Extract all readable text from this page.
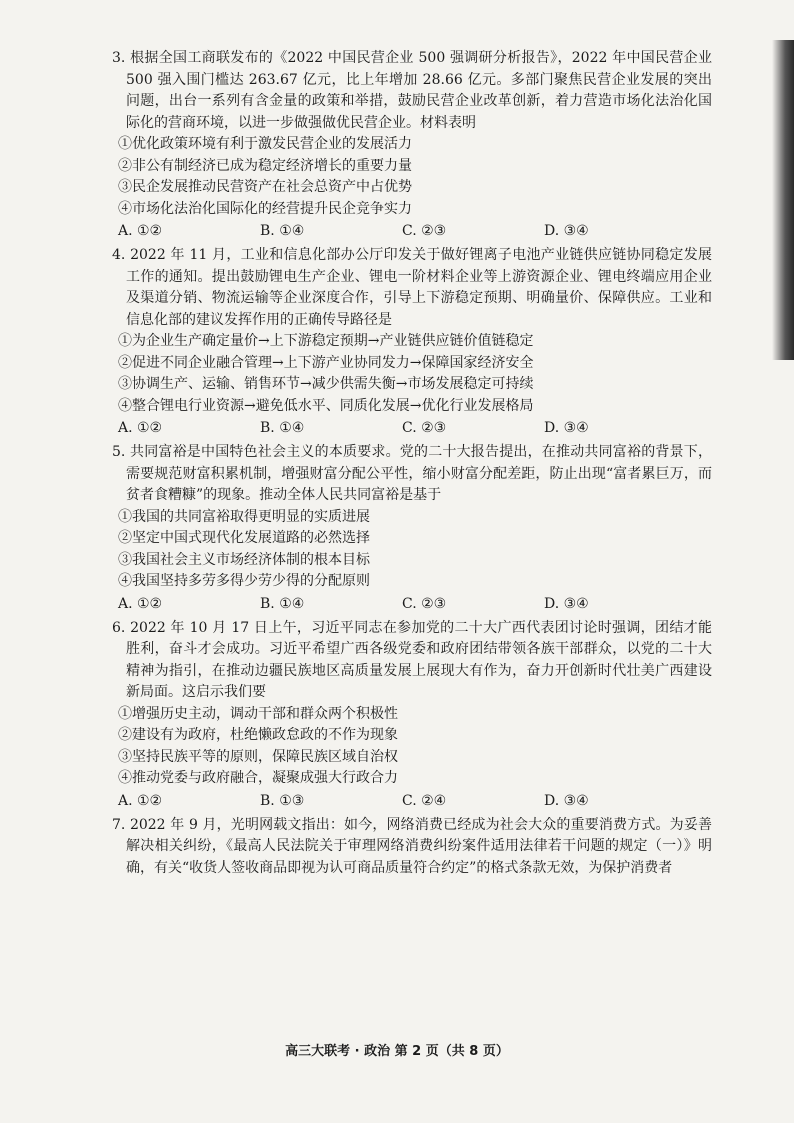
3. 根据全国工商联发布的《2022 中国民营企业 500 强调研分析报告》，2022 年中国民营企业 500 强入围门槛达 263.67 亿元，比上年增加 28.66 亿元。多部门聚焦民营企业发展的突出问题，出台一系列有含金量的政策和举措，鼓励民营企业改革创新，着力营造市场化法治化国际化的营商环境，以进一步做强做优民营企业。材料表明
①优化政策环境有利于激发民营企业的发展活力
②非公有制经济已成为稳定经济增长的重要力量
③民企发展推动民营资产在社会总资产中占优势
④市场化法治化国际化的经营提升民企竞争实力
A. ①②	B. ①④	C. ②③	D. ③④
4. 2022 年 11 月，工业和信息化部办公厅印发关于做好锂离子电池产业链供应链协同稳定发展工作的通知。提出鼓励锂电生产企业、锂电一阶材料企业等上游资源企业、锂电终端应用企业及渠道分销、物流运输等企业深度合作，引导上下游稳定预期、明确量价、保障供应。工业和信息化部的建议发挥作用的正确传导路径是
①为企业生产确定量价→上下游稳定预期→产业链供应链价值链稳定
②促进不同企业融合管理→上下游产业协同发力→保障国家经济安全
③协调生产、运输、销售环节→减少供需失衡→市场发展稳定可持续
④整合锂电行业资源→避免低水平、同质化发展→优化行业发展格局
A. ①②	B. ①④	C. ②③	D. ③④
5. 共同富裕是中国特色社会主义的本质要求。党的二十大报告提出，在推动共同富裕的背景下，需要规范财富积累机制，增强财富分配公平性，缩小财富分配差距，防止出现“富者累巨万，而贫者食糟糠”的现象。推动全体人民共同富裕是基于
①我国的共同富裕取得更明显的实质进展
②坚定中国式现代化发展道路的必然选择
③我国社会主义市场经济体制的根本目标
④我国坚持多劳多得少劳少得的分配原则
A. ①②	B. ①④	C. ②③	D. ③④
6. 2022 年 10 月 17 日上午，习近平同志在参加党的二十大广西代表团讨论时强调，团结才能胜利，奋斗才会成功。习近平希望广西各级党委和政府团结带领各族干部群众，以党的二十大精神为指引，在推动边疆民族地区高质量发展上展现大有作为，奋力开创新时代壮美广西建设新局面。这启示我们要
①增强历史主动，调动干部和群众两个积极性
②建设有为政府，杜绝懒政怠政的不作为现象
③坚持民族平等的原则，保障民族区域自治权
④推动党委与政府融合，凝聚成强大行政合力
A. ①②	B. ①③	C. ②④	D. ③④
7. 2022 年 9 月，光明网载文指出：如今，网络消费已经成为社会大众的重要消费方式。为妥善解决相关纠纷，《最高人民法院关于审理网络消费纠纷案件适用法律若干问题的规定（一）》明确，有关“收货人签收商品即视为认可商品质量符合约定”的格式条款无效，为保护消费者
高三大联考 · 政治 第 2 页（共 8 页）
